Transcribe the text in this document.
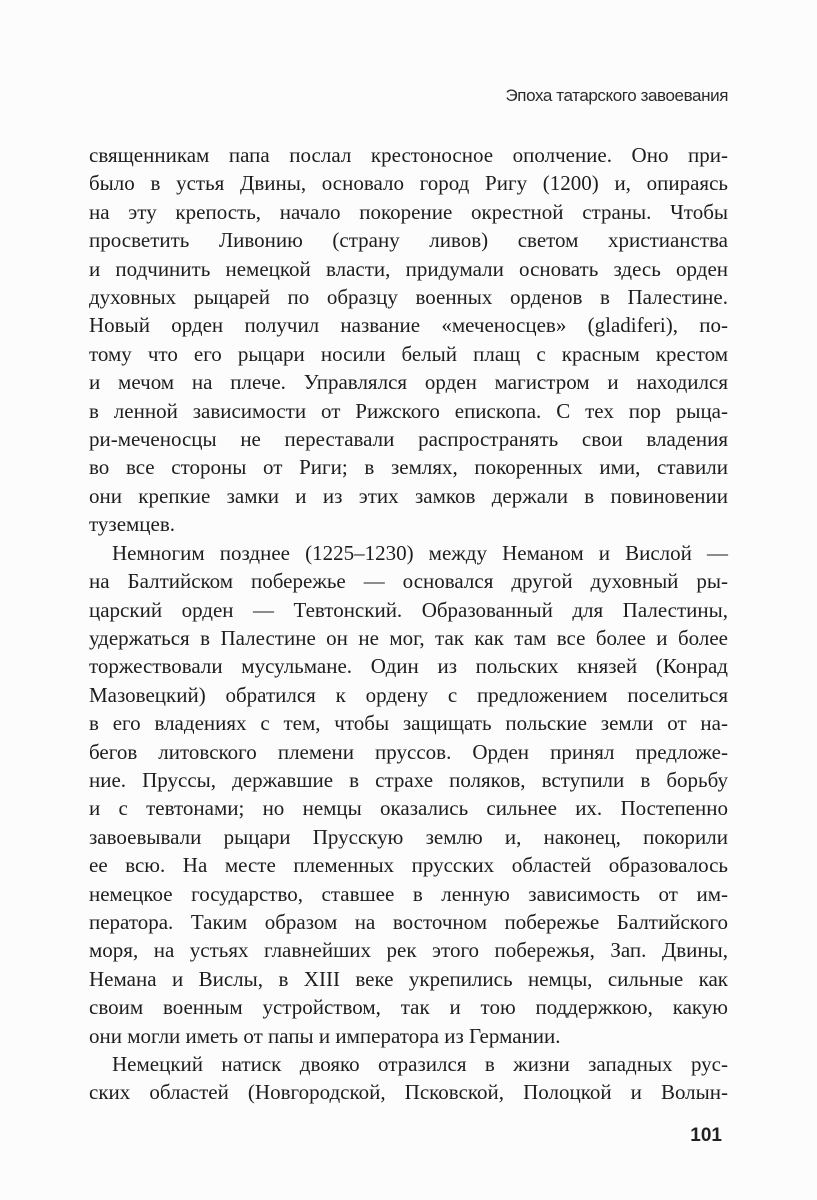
Эпоха татарского завоевания
священникам папа послал крестоносное ополчение. Оно при-
было в устья Двины, основало город Ригу (1200) и, опираясь
на эту крепость, начало покорение окрестной страны. Чтобы
просветить Ливонию (страну ливов) светом христианства
и подчинить немецкой власти, придумали основать здесь орден
духовных рыцарей по образцу военных орденов в Палестине.
Новый орден получил название «меченосцев» (gladiferi), по-
тому что его рыцари носили белый плащ с красным крестом
и мечом на плече. Управлялся орден магистром и находился
в ленной зависимости от Рижского епископа. С тех пор рыца-
ри-меченосцы не переставали распространять свои владения
во все стороны от Риги; в землях, покоренных ими, ставили
они крепкие замки и из этих замков держали в повиновении
туземцев.
Немногим позднее (1225–1230) между Неманом и Вислой —
на Балтийском побережье — основался другой духовный ры-
царский орден — Тевтонский. Образованный для Палестины,
удержаться в Палестине он не мог, так как там все более и более
торжествовали мусульмане. Один из польских князей (Конрад
Мазовецкий) обратился к ордену с предложением поселиться
в его владениях с тем, чтобы защищать польские земли от на-
бегов литовского племени пруссов. Орден принял предложе-
ние. Пруссы, державшие в страхе поляков, вступили в борьбу
и с тевтонами; но немцы оказались сильнее их. Постепенно
завоевывали рыцари Прусскую землю и, наконец, покорили
ее всю. На месте племенных прусских областей образовалось
немецкое государство, ставшее в ленную зависимость от им-
ператора. Таким образом на восточном побережье Балтийского
моря, на устьях главнейших рек этого побережья, Зап. Двины,
Немана и Вислы, в XIII веке укрепились немцы, сильные как
своим военным устройством, так и тою поддержкою, какую
они могли иметь от папы и императора из Германии.
Немецкий натиск двояко отразился в жизни западных рус-
ских областей (Новгородской, Псковской, Полоцкой и Волын-
101
